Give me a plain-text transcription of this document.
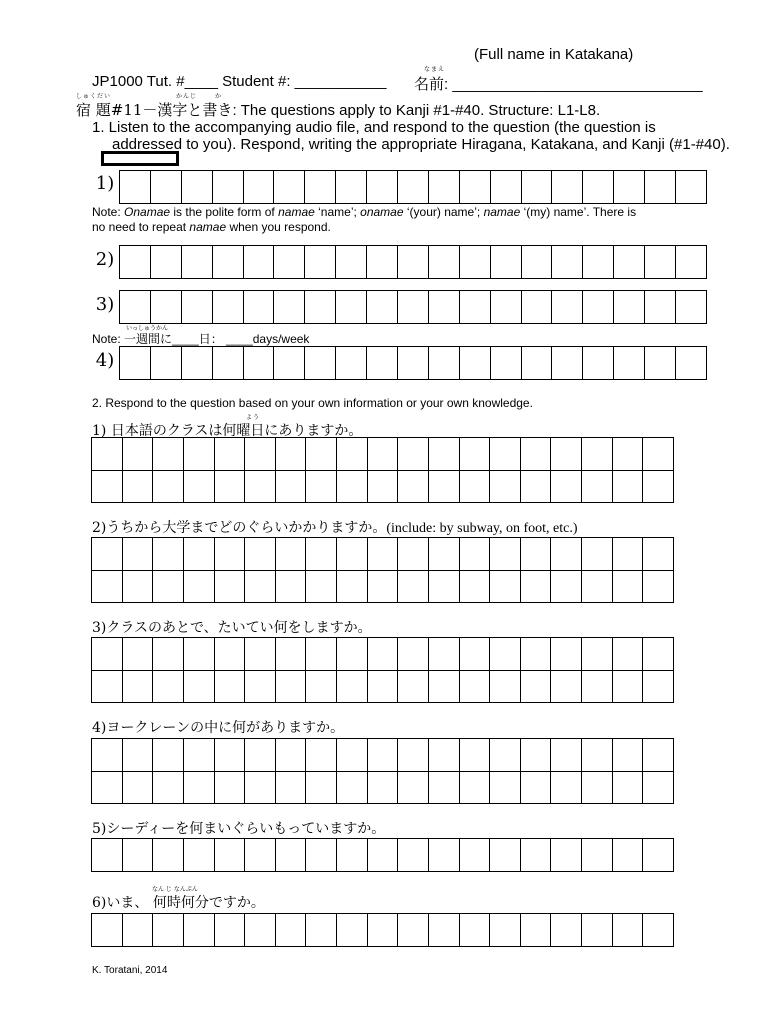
(Full name in Katakana)
JP1000 Tut. #____ Student #: ___________
なまえ
名前: ______________________________
しゅくだい	かんじ	か
宿 題#11－漢字と書き: The questions apply to Kanji #1-#40. Structure: L1-L8.
1. Listen to the accompanying audio file, and respond to the question (the question is
addressed to you). Respond, writing the appropriate Hiragana, Katakana, and Kanji (#1-#40).
1)
Note: Onamae is the polite form of namae ‘name’; onamae ‘(your) name’; namae ‘(my) name’. There is
no need to repeat namae when you respond.
2)
3)
いっしゅうかん
Note: 一週間に____日： ____days/week
4)
2. Respond to the question based on your own information or your own knowledge.
よう
1) 日本語のクラスは何曜日にありますか。
2)うちから大学までどのぐらいかかりますか。(include: by subway, on foot, etc.)
3)クラスのあとで、たいてい何をしますか。
4)ヨークレーンの中に何がありますか。
5)シーディーを何まいぐらいもっていますか。
なん じ なんぷん
6)いま、 何時何分ですか。
K. Toratani, 2014
